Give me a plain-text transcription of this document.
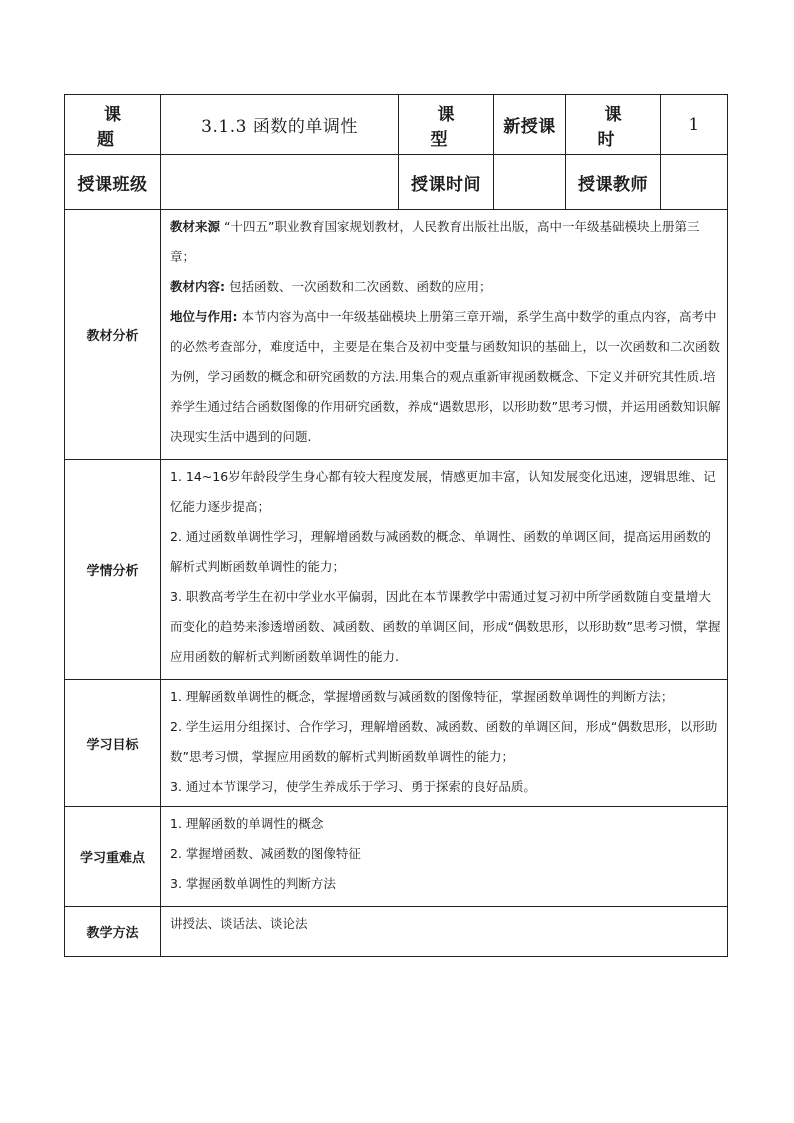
课 题	3.1.3 函数的单调性	课 型	新授课	课 时	1
授课班级		授课时间		授课教师	
教材分析	教材来源 “十四五”职业教育国家规划教材，人民教育出版社出版，高中一年级基础模块上册第三章；

教材内容: 包括函数、一次函数和二次函数、函数的应用；

地位与作用: 本节内容为高中一年级基础模块上册第三章开端，系学生高中数学的重点内容，高考中的必然考查部分，难度适中，主要是在集合及初中变量与函数知识的基础上，以一次函数和二次函数为例，学习函数的概念和研究函数的方法.用集合的观点重新审视函数概念、下定义并研究其性质.培养学生通过结合函数图像的作用研究函数，养成“遇数思形，以形助数”思考习惯，并运用函数知识解决现实生活中遇到的问题.				

学情分析	1. 14~16岁年龄段学生身心都有较大程度发展，情感更加丰富，认知发展变化迅速，逻辑思维、记忆能力逐步提高；

2. 通过函数单调性学习，理解增函数与减函数的概念、单调性、函数的单调区间，提高运用函数的解析式判断函数单调性的能力；

3. 职教高考学生在初中学业水平偏弱，因此在本节课教学中需通过复习初中所学函数随自变量增大而变化的趋势来渗透增函数、减函数、函数的单调区间，形成“偶数思形，以形助数”思考习惯，掌握应用函数的解析式判断函数单调性的能力.				

学习目标	1. 理解函数单调性的概念，掌握增函数与减函数的图像特征，掌握函数单调性的判断方法；

2. 学生运用分组探讨、合作学习，理解增函数、减函数、函数的单调区间，形成“偶数思形，以形助数”思考习惯，掌握应用函数的解析式判断函数单调性的能力；

3. 通过本节课学习，使学生养成乐于学习、勇于探索的良好品质。				

学习重难点	1. 理解函数的单调性的概念

2. 掌握增函数、减函数的图像特征

3. 掌握函数单调性的判断方法				

教学方法	讲授法、谈话法、谈论法				
